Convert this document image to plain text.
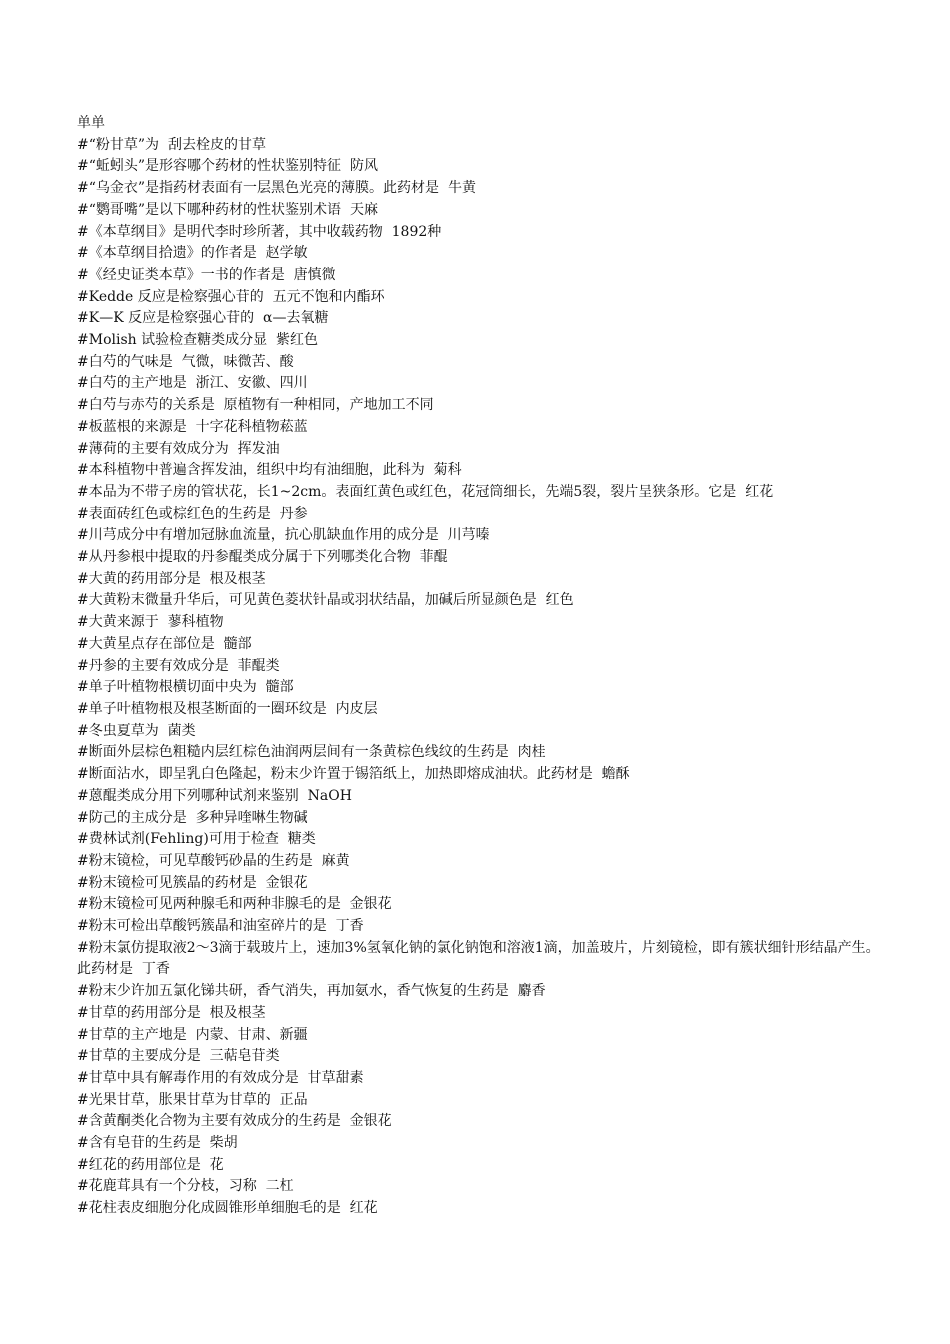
单单
#“粉甘草”为  刮去栓皮的甘草
#“蚯蚓头”是形容哪个药材的性状鉴别特征  防风
#“乌金衣”是指药材表面有一层黑色光亮的薄膜。此药材是  牛黄
#“鹦哥嘴”是以下哪种药材的性状鉴别术语  天麻
#《本草纲目》是明代李时珍所著，其中收载药物  1892种
#《本草纲目拾遗》的作者是  赵学敏
#《经史证类本草》一书的作者是  唐慎微
#Kedde 反应是检察强心苷的  五元不饱和内酯环
#K—K 反应是检察强心苷的  α—去氧糖
#Molish 试验检查糖类成分显  紫红色
#白芍的气味是  气微，味微苦、酸
#白芍的主产地是  浙江、安徽、四川
#白芍与赤芍的关系是  原植物有一种相同，产地加工不同
#板蓝根的来源是  十字花科植物菘蓝
#薄荷的主要有效成分为  挥发油
#本科植物中普遍含挥发油，组织中均有油细胞，此科为  菊科
#本品为不带子房的管状花，长1~2cm。表面红黄色或红色，花冠筒细长，先端5裂，裂片呈狭条形。它是  红花
#表面砖红色或棕红色的生药是  丹参
#川芎成分中有增加冠脉血流量，抗心肌缺血作用的成分是  川芎嗪
#从丹参根中提取的丹参醌类成分属于下列哪类化合物  菲醌
#大黄的药用部分是  根及根茎
#大黄粉末微量升华后，可见黄色菱状针晶或羽状结晶，加碱后所显颜色是  红色
#大黄来源于  蓼科植物
#大黄星点存在部位是  髓部
#丹参的主要有效成分是  菲醌类
#单子叶植物根横切面中央为  髓部
#单子叶植物根及根茎断面的一圈环纹是  内皮层
#冬虫夏草为  菌类
#断面外层棕色粗糙内层红棕色油润两层间有一条黄棕色线纹的生药是  肉桂
#断面沾水，即呈乳白色隆起，粉末少许置于锡箔纸上，加热即熔成油状。此药材是  蟾酥
#蒽醌类成分用下列哪种试剂来鉴别  NaOH
#防己的主成分是  多种异喹啉生物碱
#费林试剂(Fehling)可用于检查  糖类
#粉末镜检，可见草酸钙砂晶的生药是  麻黄
#粉末镜检可见簇晶的药材是  金银花
#粉末镜检可见两种腺毛和两种非腺毛的是  金银花
#粉末可检出草酸钙簇晶和油室碎片的是  丁香
#粉末氯仿提取液2～3滴于载玻片上，速加3%氢氧化钠的氯化钠饱和溶液1滴，加盖玻片，片刻镜检，即有簇状细针形结晶产生。此药材是  丁香
#粉末少许加五氯化锑共研，香气消失，再加氨水，香气恢复的生药是  麝香
#甘草的药用部分是  根及根茎
#甘草的主产地是  内蒙、甘肃、新疆
#甘草的主要成分是  三萜皂苷类
#甘草中具有解毒作用的有效成分是  甘草甜素
#光果甘草，胀果甘草为甘草的  正品
#含黄酮类化合物为主要有效成分的生药是  金银花
#含有皂苷的生药是  柴胡
#红花的药用部位是  花
#花鹿茸具有一个分枝，习称  二杠
#花柱表皮细胞分化成圆锥形单细胞毛的是  红花
